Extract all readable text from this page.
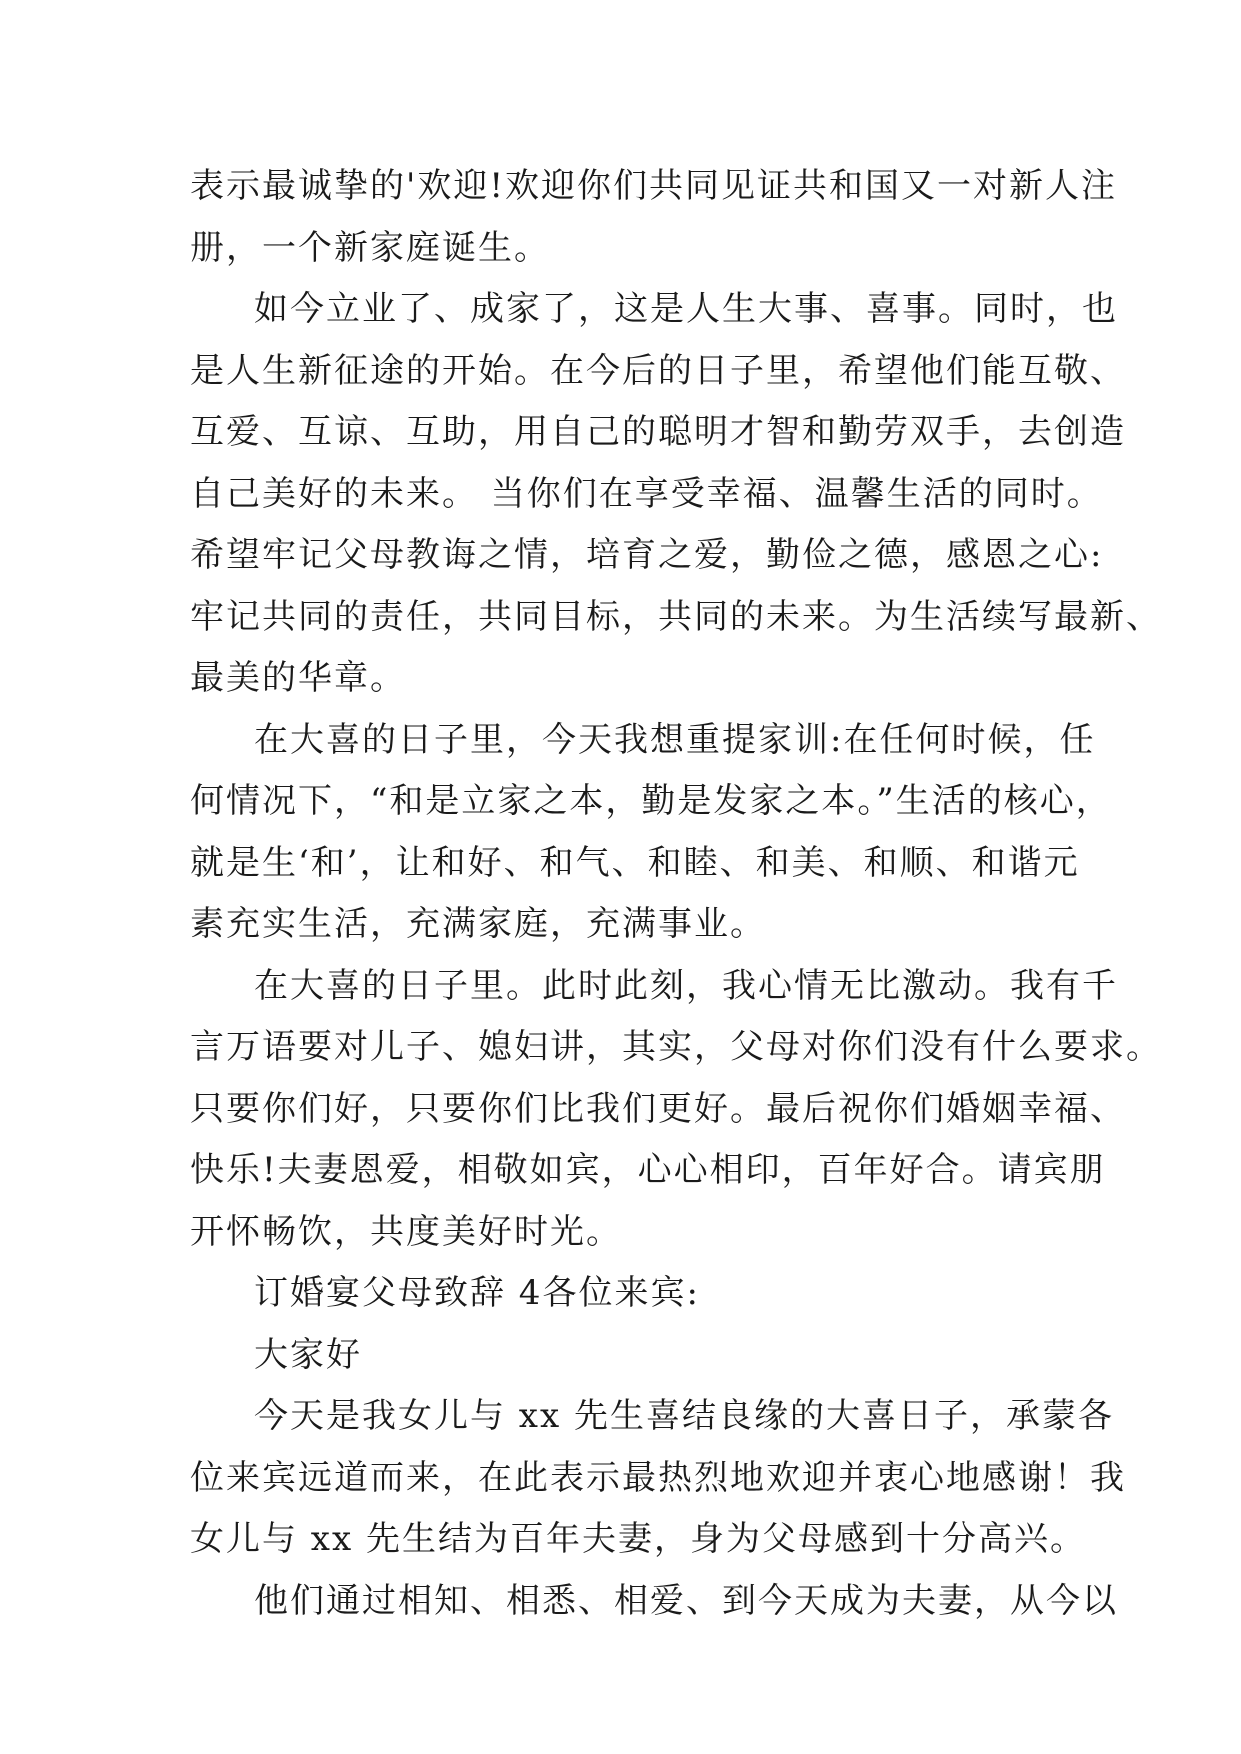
表示最诚挚的'欢迎!欢迎你们共同见证共和国又一对新人注
册，一个新家庭诞生。
如今立业了、成家了，这是人生大事、喜事。同时，也
是人生新征途的开始。在今后的日子里，希望他们能互敬、
互爱、互谅、互助，用自己的聪明才智和勤劳双手，去创造
自己美好的未来。 当你们在享受幸福、温馨生活的同时。
希望牢记父母教诲之情，培育之爱，勤俭之德，感恩之心:
牢记共同的责任，共同目标，共同的未来。为生活续写最新、
最美的华章。
在大喜的日子里，今天我想重提家训:在任何时候，任
何情况下，“和是立家之本，勤是发家之本。”生活的核心，
就是生‘和’，让和好、和气、和睦、和美、和顺、和谐元
素充实生活，充满家庭，充满事业。
在大喜的日子里。此时此刻，我心情无比激动。我有千
言万语要对儿子、媳妇讲，其实，父母对你们没有什么要求。
只要你们好，只要你们比我们更好。最后祝你们婚姻幸福、
快乐!夫妻恩爱，相敬如宾，心心相印，百年好合。请宾朋
开怀畅饮，共度美好时光。
订婚宴父母致辞 4各位来宾:
大家好
今天是我女儿与 xx 先生喜结良缘的大喜日子，承蒙各
位来宾远道而来，在此表示最热烈地欢迎并衷心地感谢！我
女儿与 xx 先生结为百年夫妻，身为父母感到十分高兴。
他们通过相知、相悉、相爱、到今天成为夫妻，从今以
